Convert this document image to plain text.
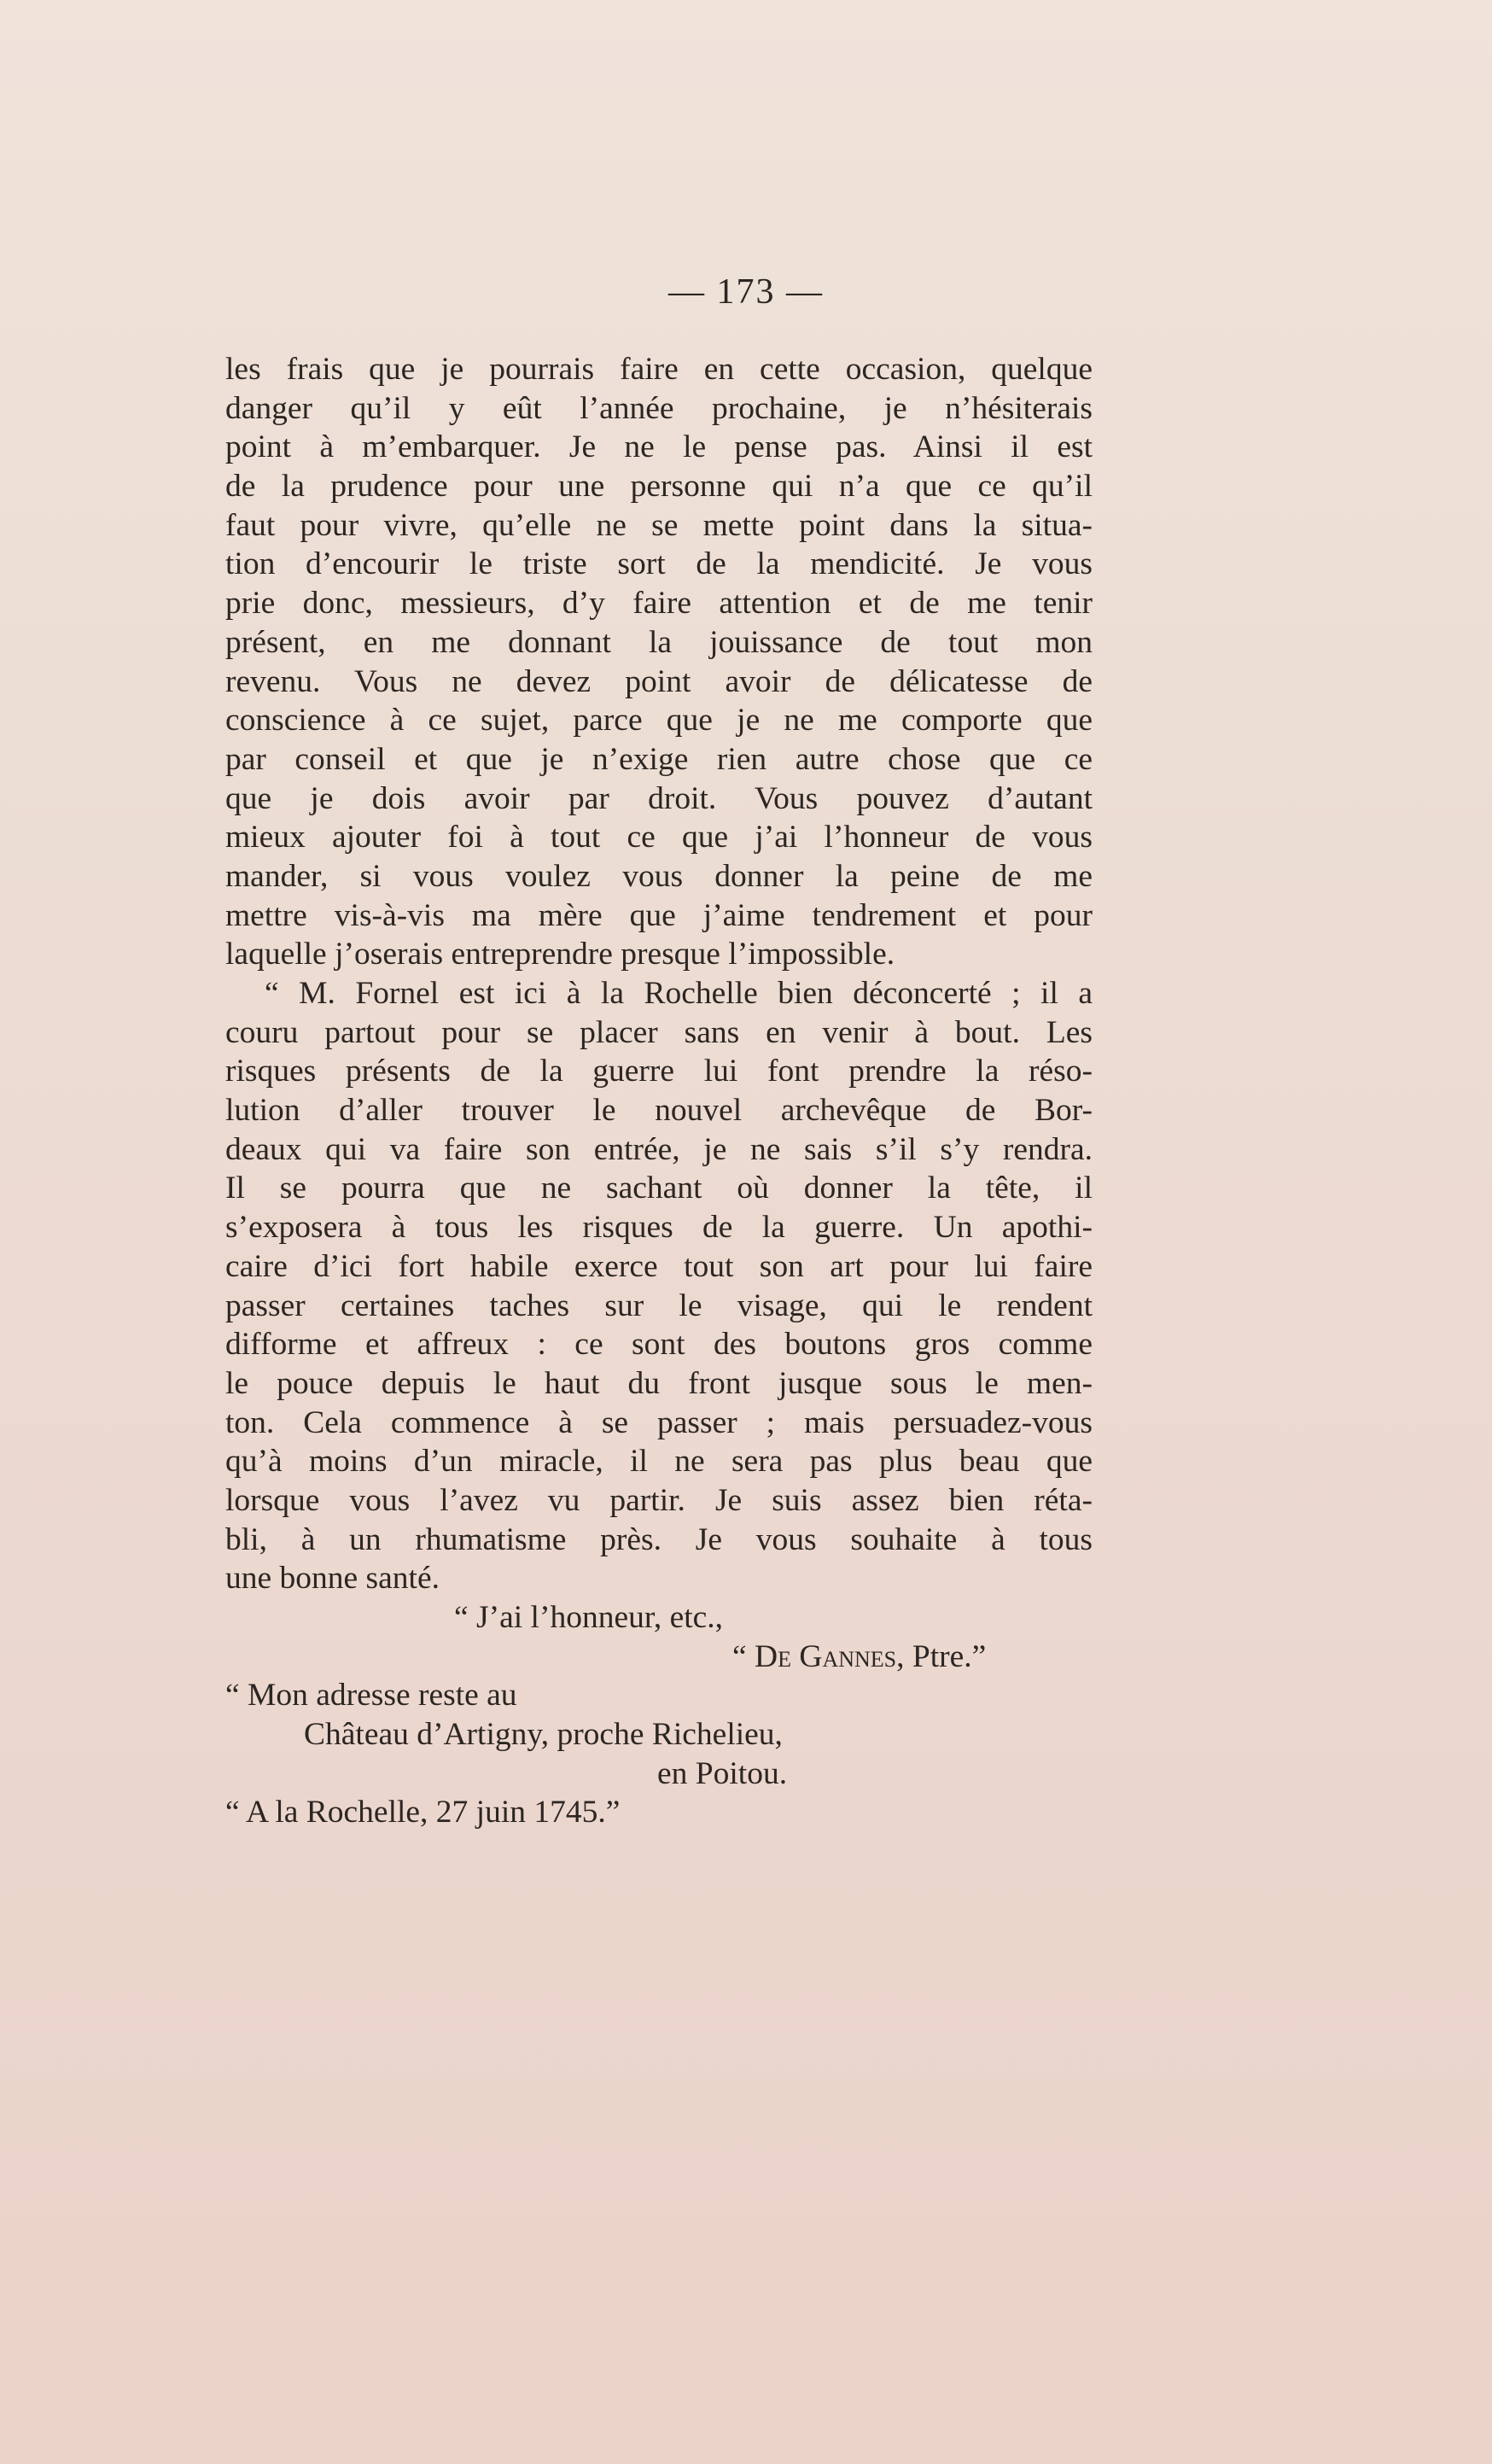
— 173 —
les frais que je pourrais faire en cette occasion, quelque
danger qu’il y eût l’année prochaine, je n’hésiterais
point à m’embarquer. Je ne le pense pas. Ainsi il est
de la prudence pour une personne qui n’a que ce qu’il
faut pour vivre, qu’elle ne se mette point dans la situa-
tion d’encourir le triste sort de la mendicité. Je vous
prie donc, messieurs, d’y faire attention et de me tenir
présent, en me donnant la jouissance de tout mon
revenu. Vous ne devez point avoir de délicatesse de
conscience à ce sujet, parce que je ne me comporte que
par conseil et que je n’exige rien autre chose que ce
que je dois avoir par droit. Vous pouvez d’autant
mieux ajouter foi à tout ce que j’ai l’honneur de vous
mander, si vous voulez vous donner la peine de me
mettre vis-à-vis ma mère que j’aime tendrement et pour
laquelle j’oserais entreprendre presque l’impossible.
“ M. Fornel est ici à la Rochelle bien déconcerté ; il a
couru partout pour se placer sans en venir à bout. Les
risques présents de la guerre lui font prendre la réso-
lution d’aller trouver le nouvel archevêque de Bor-
deaux qui va faire son entrée, je ne sais s’il s’y rendra.
Il se pourra que ne sachant où donner la tête, il
s’exposera à tous les risques de la guerre. Un apothi-
caire d’ici fort habile exerce tout son art pour lui faire
passer certaines taches sur le visage, qui le rendent
difforme et affreux : ce sont des boutons gros comme
le pouce depuis le haut du front jusque sous le men-
ton. Cela commence à se passer ; mais persuadez-vous
qu’à moins d’un miracle, il ne sera pas plus beau que
lorsque vous l’avez vu partir. Je suis assez bien réta-
bli, à un rhumatisme près. Je vous souhaite à tous
une bonne santé.
“ J’ai l’honneur, etc.,
“ De Gannes, Ptre.”
“ Mon adresse reste au
Château d’Artigny, proche Richelieu,
en Poitou.
“ A la Rochelle, 27 juin 1745.”
